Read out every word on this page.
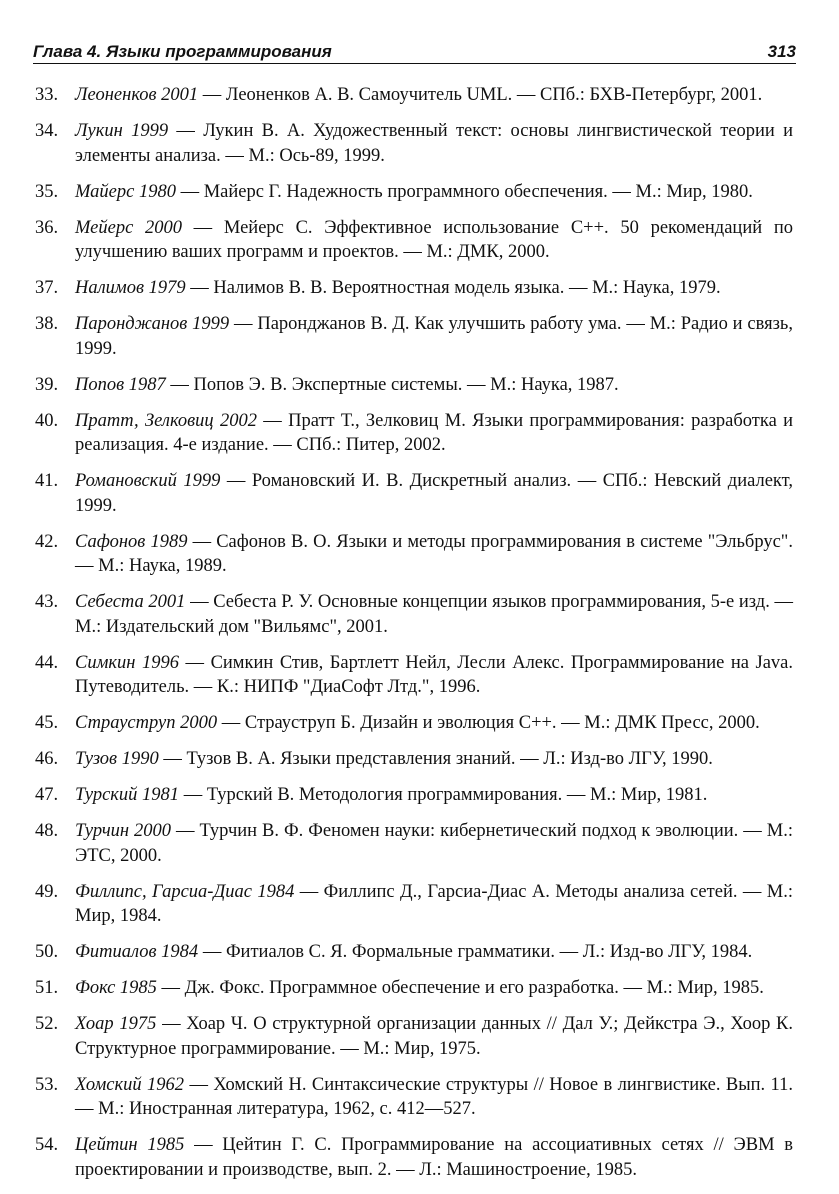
Глава 4. Языки программирования	313
33. Леоненков 2001 — Леоненков А. В. Самоучитель UML. — СПб.: БХВ-Петербург, 2001.
34. Лукин 1999 — Лукин В. А. Художественный текст: основы лингвистической теории и элементы анализа. — М.: Ось-89, 1999.
35. Майерс 1980 — Майерс Г. Надежность программного обеспечения. — М.: Мир, 1980.
36. Мейерс 2000 — Мейерс С. Эффективное использование С++. 50 рекомендаций по улучшению ваших программ и проектов. — М.: ДМК, 2000.
37. Налимов 1979 — Налимов В. В. Вероятностная модель языка. — М.: Наука, 1979.
38. Паронджанов 1999 — Паронджанов В. Д. Как улучшить работу ума. — М.: Радио и связь, 1999.
39. Попов 1987 — Попов Э. В. Экспертные системы. — М.: Наука, 1987.
40. Пратт, Зелковиц 2002 — Пратт Т., Зелковиц М. Языки программирования: разработка и реализация. 4-е издание. — СПб.: Питер, 2002.
41. Романовский 1999 — Романовский И. В. Дискретный анализ. — СПб.: Невский диалект, 1999.
42. Сафонов 1989 — Сафонов В. О. Языки и методы программирования в системе "Эльбрус". — М.: Наука, 1989.
43. Себеста 2001 — Себеста Р. У. Основные концепции языков программирования, 5-е изд. — М.: Издательский дом "Вильямс", 2001.
44. Симкин 1996 — Симкин Стив, Бартлетт Нейл, Лесли Алекс. Программирование на Java. Путеводитель. — К.: НИПФ "ДиаСофт Лтд.", 1996.
45. Страуструп 2000 — Страуструп Б. Дизайн и эволюция С++. — М.: ДМК Пресс, 2000.
46. Тузов 1990 — Тузов В. А. Языки представления знаний. — Л.: Изд-во ЛГУ, 1990.
47. Турский 1981 — Турский В. Методология программирования. — М.: Мир, 1981.
48. Турчин 2000 — Турчин В. Ф. Феномен науки: кибернетический подход к эволюции. — М.: ЭТС, 2000.
49. Филлипс, Гарсиа-Диас 1984 — Филлипс Д., Гарсиа-Диас А. Методы анализа сетей. — М.: Мир, 1984.
50. Фитиалов 1984 — Фитиалов С. Я. Формальные грамматики. — Л.: Изд-во ЛГУ, 1984.
51. Фокс 1985 — Дж. Фокс. Программное обеспечение и его разработка. — М.: Мир, 1985.
52. Хоар 1975 — Хоар Ч. О структурной организации данных // Дал У.; Дейкстра Э., Хоор К. Структурное программирование. — М.: Мир, 1975.
53. Хомский 1962 — Хомский Н. Синтаксические структуры // Новое в лингвистике. Вып. 11. — М.: Иностранная литература, 1962, с. 412—527.
54. Цейтин 1985 — Цейтин Г. С. Программирование на ассоциативных сетях // ЭВМ в проектировании и производстве, вып. 2. — Л.: Машиностроение, 1985.
